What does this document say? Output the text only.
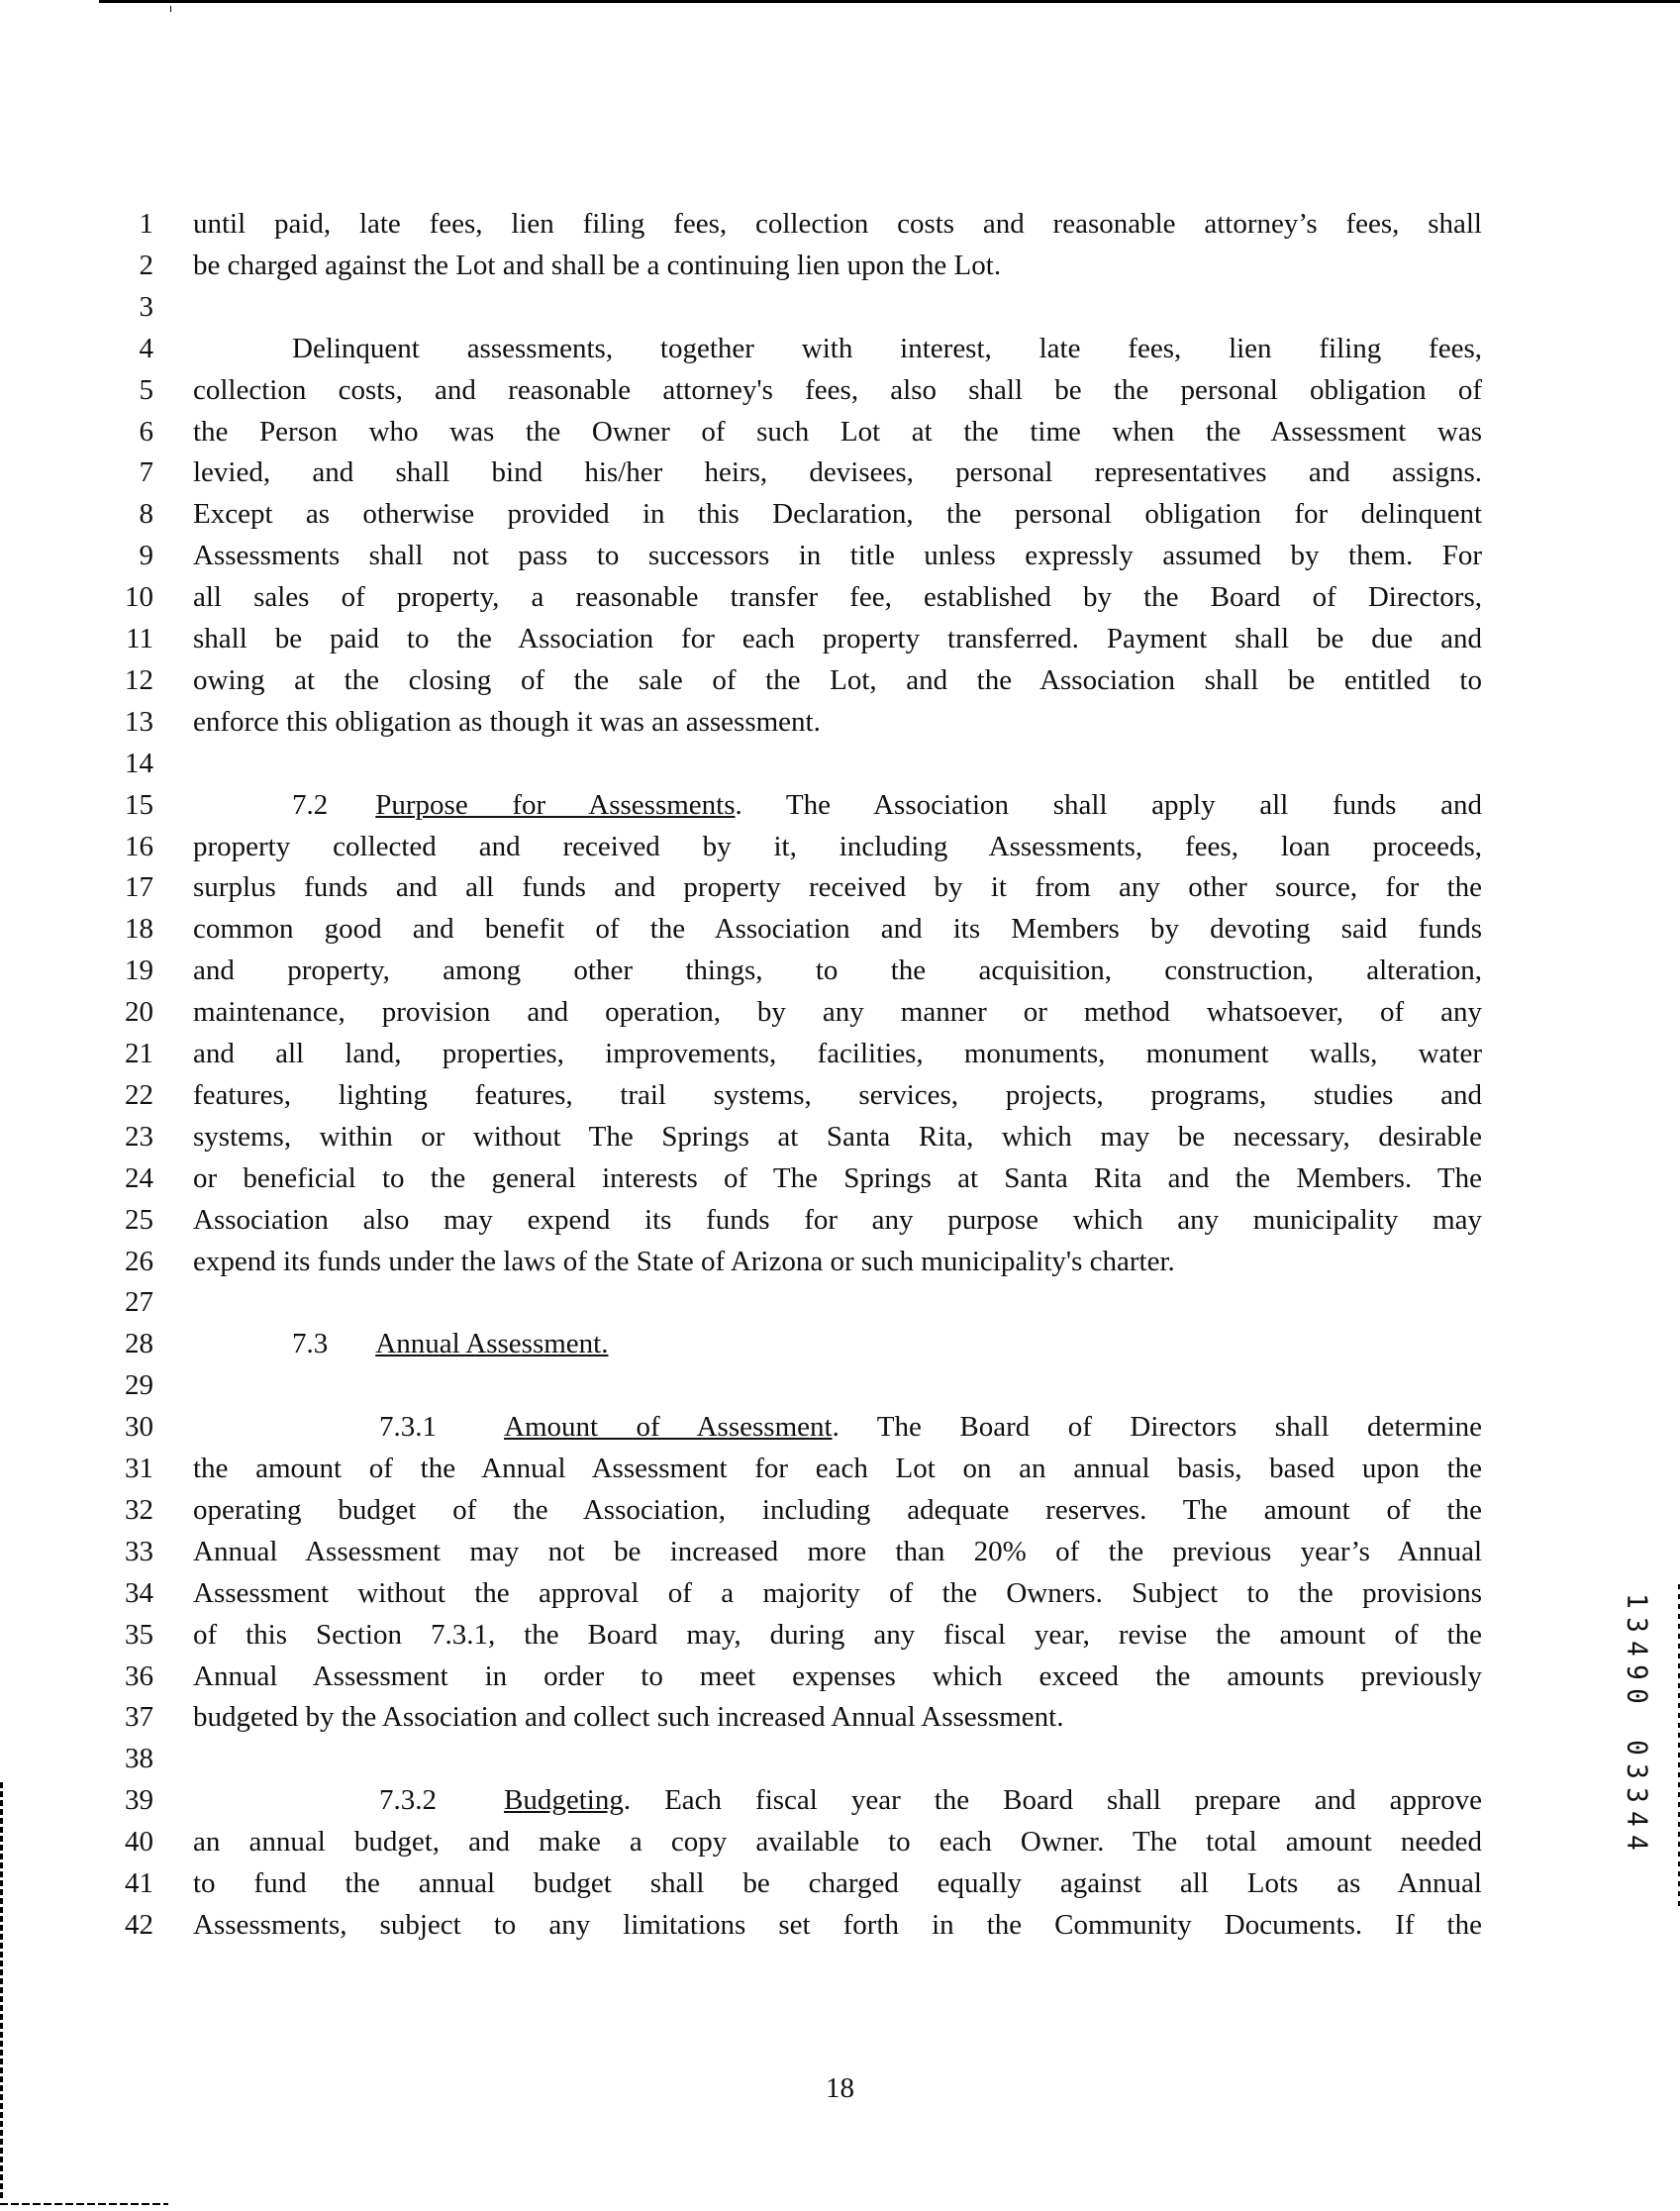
1 until paid, late fees, lien filing fees, collection costs and reasonable attorney’s fees, shall
2 be charged against the Lot and shall be a continuing lien upon the Lot.
3
4	Delinquent assessments, together with interest, late fees, lien filing fees,
5 collection costs, and reasonable attorney's fees, also shall be the personal obligation of
6 the Person who was the Owner of such Lot at the time when the Assessment was
7 levied, and shall bind his/her heirs, devisees, personal representatives and assigns.
8 Except as otherwise provided in this Declaration, the personal obligation for delinquent
9 Assessments shall not pass to successors in title unless expressly assumed by them. For
10 all sales of property, a reasonable transfer fee, established by the Board of Directors,
11 shall be paid to the Association for each property transferred. Payment shall be due and
12 owing at the closing of the sale of the Lot, and the Association shall be entitled to
13 enforce this obligation as though it was an assessment.
14
15	7.2 Purpose for Assessments. The Association shall apply all funds and
16 property collected and received by it, including Assessments, fees, loan proceeds,
17 surplus funds and all funds and property received by it from any other source, for the
18 common good and benefit of the Association and its Members by devoting said funds
19 and property, among other things, to the acquisition, construction, alteration,
20 maintenance, provision and operation, by any manner or method whatsoever, of any
21 and all land, properties, improvements, facilities, monuments, monument walls, water
22 features, lighting features, trail systems, services, projects, programs, studies and
23 systems, within or without The Springs at Santa Rita, which may be necessary, desirable
24 or beneficial to the general interests of The Springs at Santa Rita and the Members. The
25 Association also may expend its funds for any purpose which any municipality may
26 expend its funds under the laws of the State of Arizona or such municipality's charter.
27
28	7.3 Annual Assessment.
29
30	7.3.1 Amount of Assessment. The Board of Directors shall determine
31 the amount of the Annual Assessment for each Lot on an annual basis, based upon the
32 operating budget of the Association, including adequate reserves. The amount of the
33 Annual Assessment may not be increased more than 20% of the previous year’s Annual
34 Assessment without the approval of a majority of the Owners. Subject to the provisions
35 of this Section 7.3.1, the Board may, during any fiscal year, revise the amount of the
36 Annual Assessment in order to meet expenses which exceed the amounts previously
37 budgeted by the Association and collect such increased Annual Assessment.
38
39	7.3.2 Budgeting. Each fiscal year the Board shall prepare and approve
40 an annual budget, and make a copy available to each Owner. The total amount needed
41 to fund the annual budget shall be charged equally against all Lots as Annual
42 Assessments, subject to any limitations set forth in the Community Documents. If the
18
1
3
4
9
0
0
3
3
4
4
